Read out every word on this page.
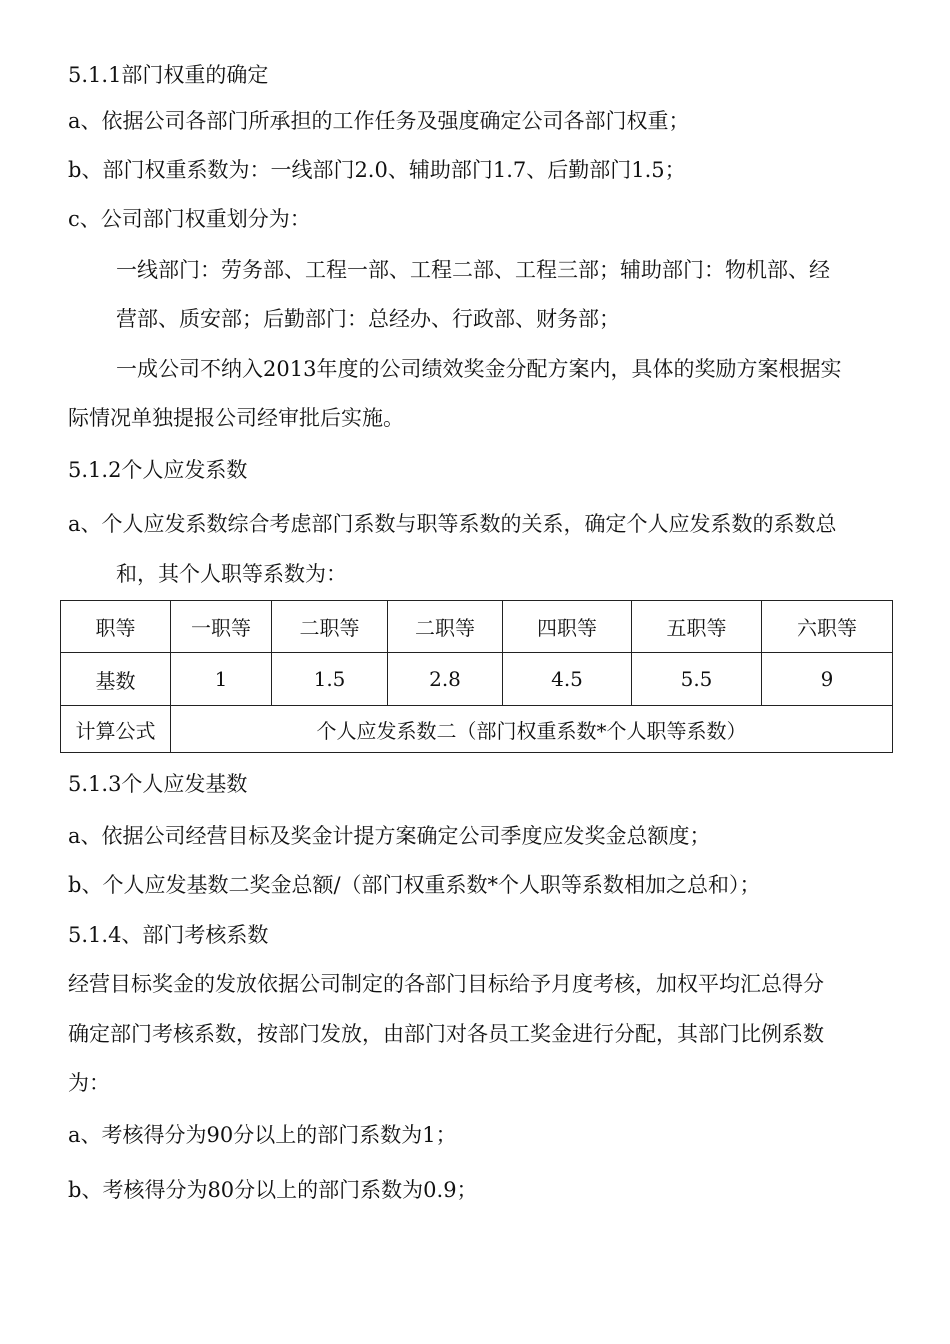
5.1.1部门权重的确定
a、依据公司各部门所承担的工作任务及强度确定公司各部门权重；
b、部门权重系数为：一线部门2.0、辅助部门1.7、后勤部门1.5；
c、公司部门权重划分为：
一线部门：劳务部、工程一部、工程二部、工程三部；辅助部门：物机部、经
营部、质安部；后勤部门：总经办、行政部、财务部；
一成公司不纳入2013年度的公司绩效奖金分配方案内，具体的奖励方案根据实
际情况单独提报公司经审批后实施。
5.1.2个人应发系数
a、个人应发系数综合考虑部门系数与职等系数的关系，确定个人应发系数的系数总
和，其个人职等系数为：
职等	一职等	二职等	二职等	四职等	五职等	六职等
基数	1	1.5	2.8	4.5	5.5	9
计算公式	个人应发系数二（部门权重系数*个人职等系数）					
5.1.3个人应发基数
a、依据公司经营目标及奖金计提方案确定公司季度应发奖金总额度；
b、个人应发基数二奖金总额/（部门权重系数*个人职等系数相加之总和）；
5.1.4、部门考核系数
经营目标奖金的发放依据公司制定的各部门目标给予月度考核，加权平均汇总得分
确定部门考核系数，按部门发放，由部门对各员工奖金进行分配，其部门比例系数
为：
a、考核得分为90分以上的部门系数为1；
b、考核得分为80分以上的部门系数为0.9；
